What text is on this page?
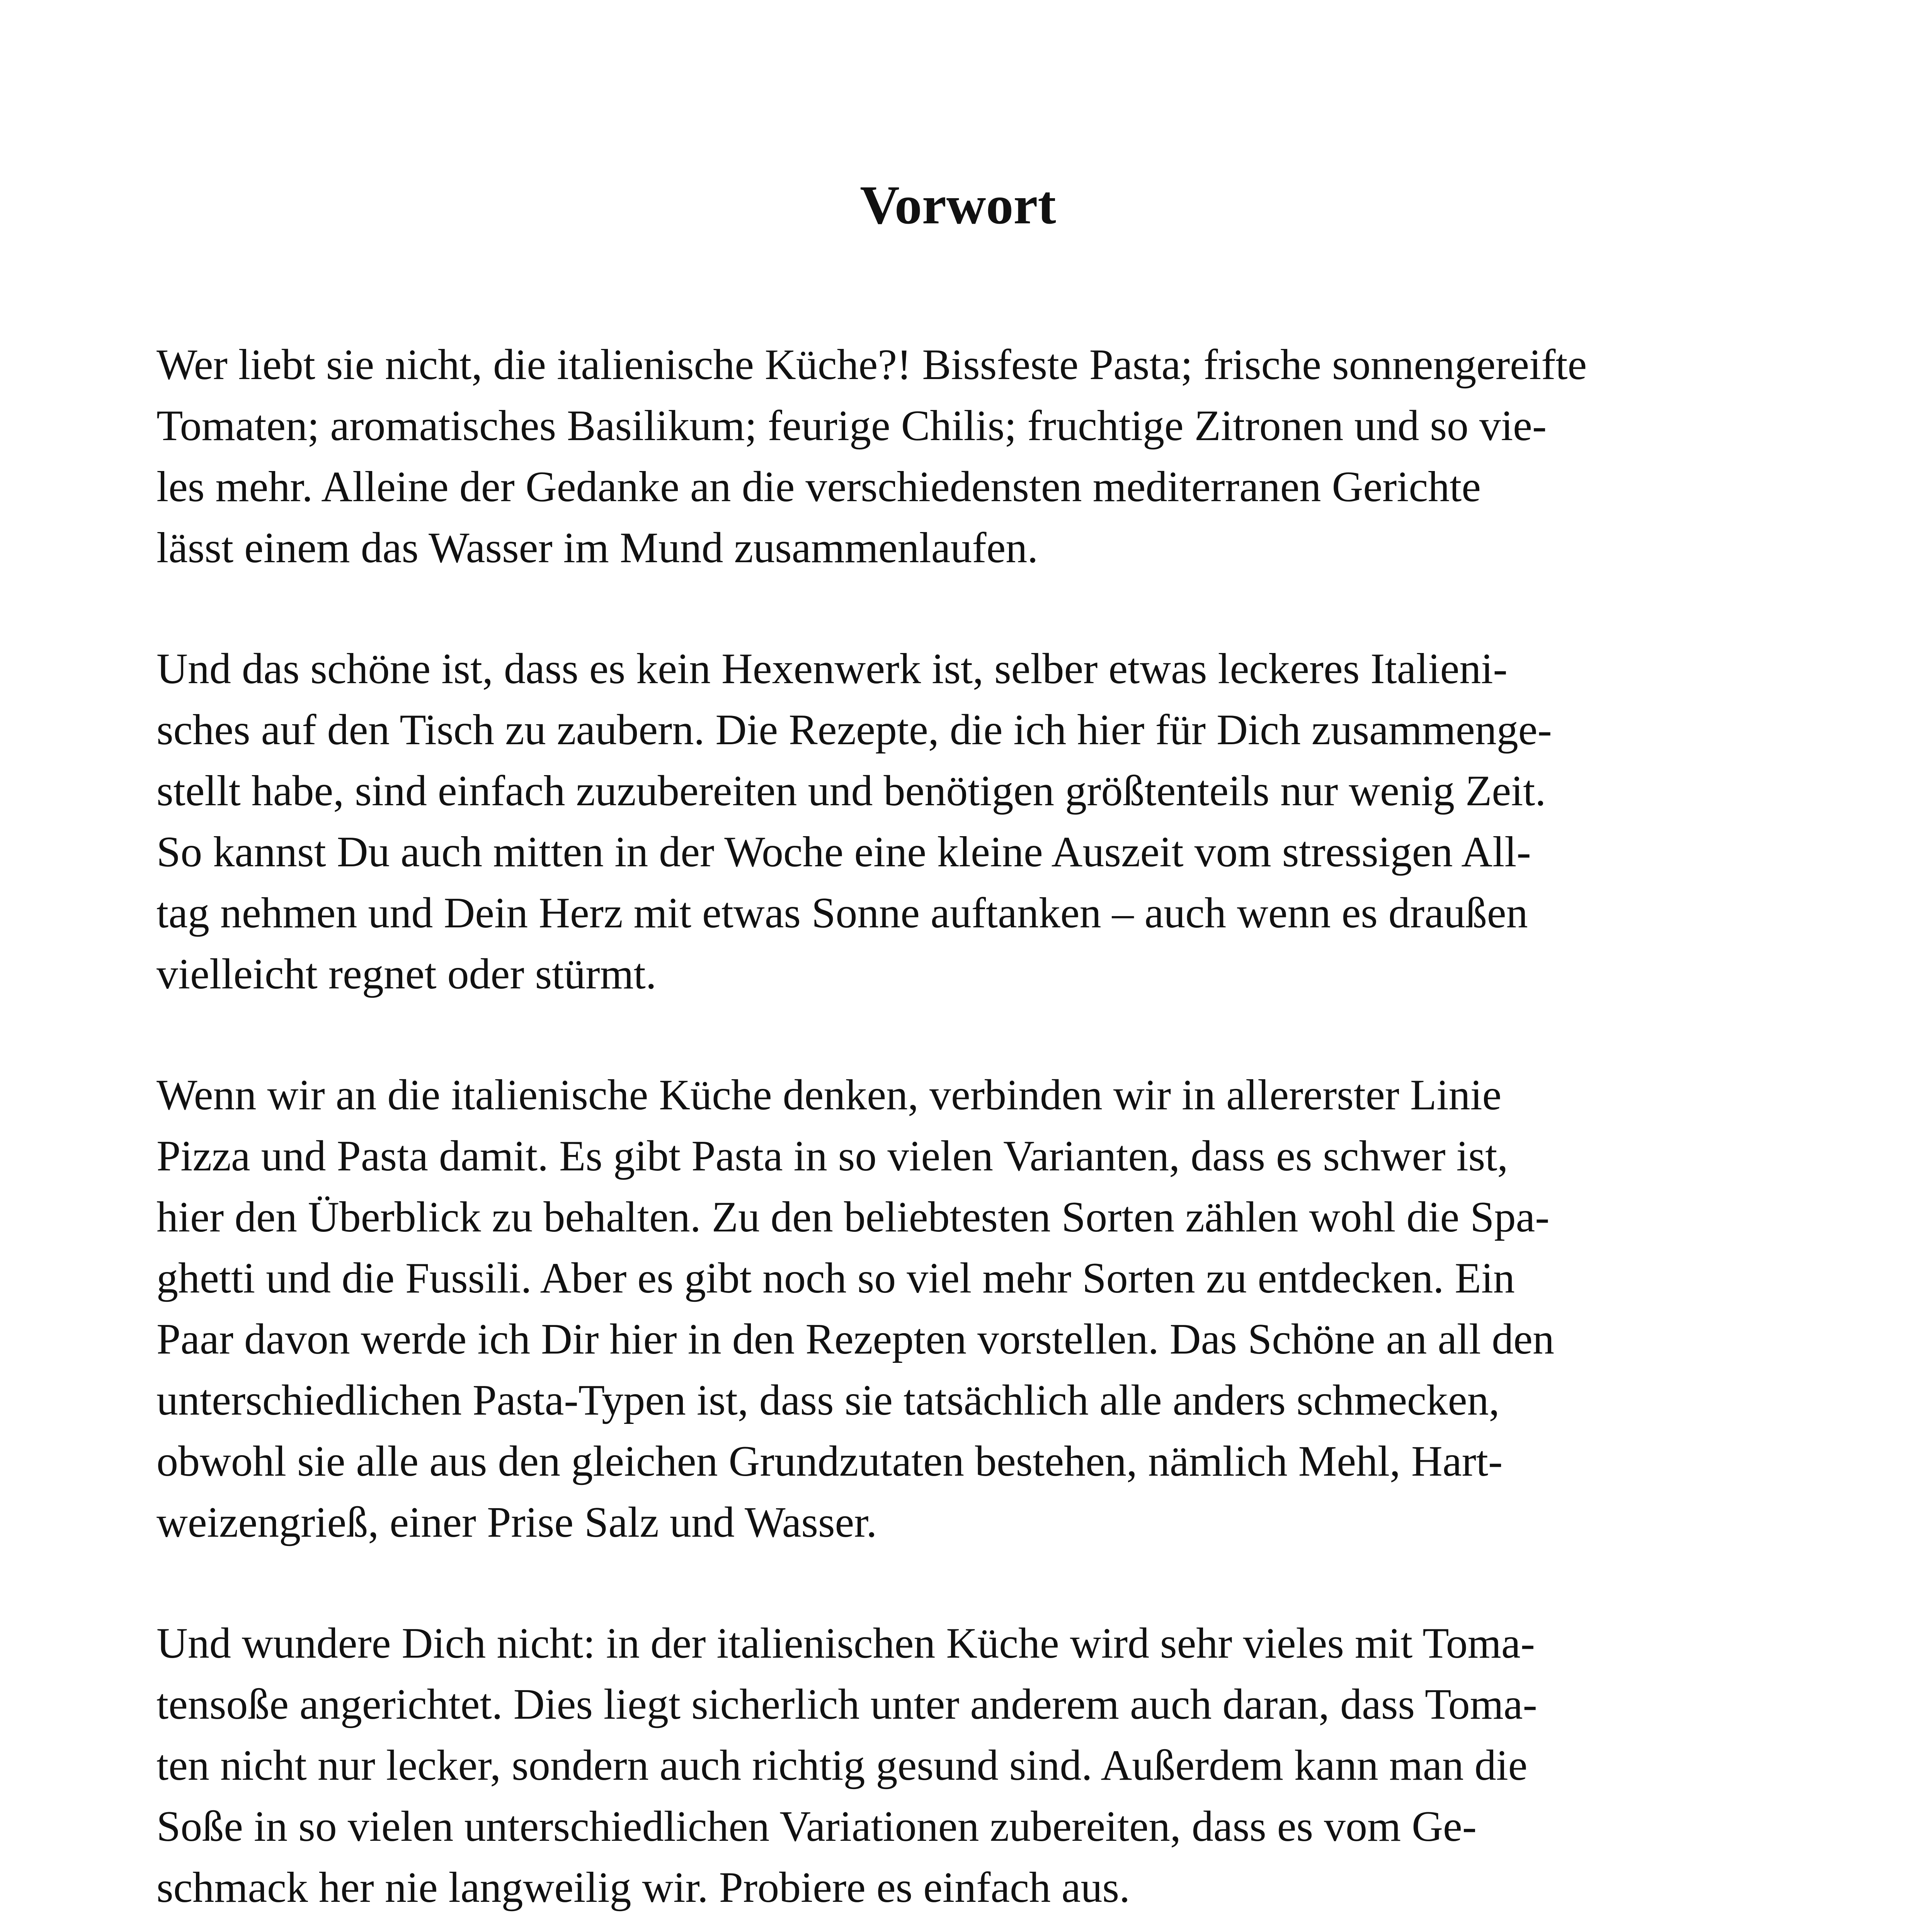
Vorwort

Wer liebt sie nicht, die italienische Küche?! Bissfeste Pasta; frische sonnengereifte
Tomaten; aromatisches Basilikum; feurige Chilis; fruchtige Zitronen und so vie-
les mehr. Alleine der Gedanke an die verschiedensten mediterranen Gerichte
lässt einem das Wasser im Mund zusammenlaufen.

Und das schöne ist, dass es kein Hexenwerk ist, selber etwas leckeres Italieni-
sches auf den Tisch zu zaubern. Die Rezepte, die ich hier für Dich zusammenge-
stellt habe, sind einfach zuzubereiten und benötigen größtenteils nur wenig Zeit.
So kannst Du auch mitten in der Woche eine kleine Auszeit vom stressigen All-
tag nehmen und Dein Herz mit etwas Sonne auftanken – auch wenn es draußen
vielleicht regnet oder stürmt.

Wenn wir an die italienische Küche denken, verbinden wir in allererster Linie
Pizza und Pasta damit. Es gibt Pasta in so vielen Varianten, dass es schwer ist,
hier den Überblick zu behalten. Zu den beliebtesten Sorten zählen wohl die Spa-
ghetti und die Fussili. Aber es gibt noch so viel mehr Sorten zu entdecken. Ein
Paar davon werde ich Dir hier in den Rezepten vorstellen. Das Schöne an all den
unterschiedlichen Pasta-Typen ist, dass sie tatsächlich alle anders schmecken,
obwohl sie alle aus den gleichen Grundzutaten bestehen, nämlich Mehl, Hart-
weizengrieß, einer Prise Salz und Wasser.

Und wundere Dich nicht: in der italienischen Küche wird sehr vieles mit Toma-
tensoße angerichtet. Dies liegt sicherlich unter anderem auch daran, dass Toma-
ten nicht nur lecker, sondern auch richtig gesund sind. Außerdem kann man die
Soße in so vielen unterschiedlichen Variationen zubereiten, dass es vom Ge-
schmack her nie langweilig wir. Probiere es einfach aus.
